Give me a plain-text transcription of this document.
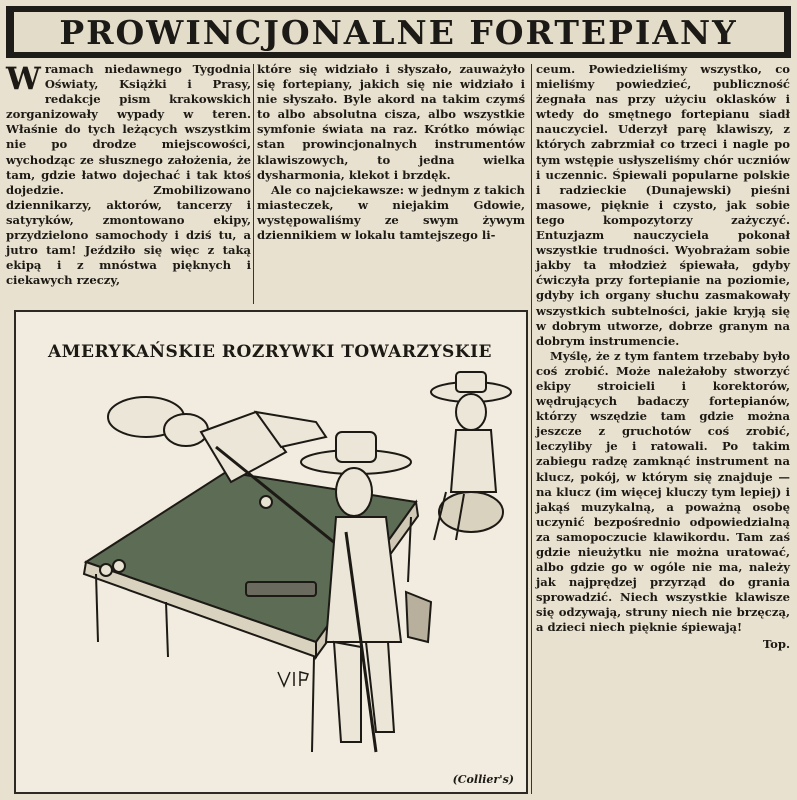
PROWINCJONALNE FORTEPIANY

Wramach niedawnego Tygodnia Oświaty, Książki i Prasy, redakcje pism krakowskich zorganizowały wypady w teren. Właśnie do tych leżących wszystkim nie po drodze miejscowości, wychodząc ze słusznego założenia, że tam, gdzie łatwo dojechać i tak ktoś dojedzie. Zmobilizowano dziennikarzy, aktorów, tancerzy i satyryków, zmontowano ekipy, przydzielono samochody i dziś tu, a jutro tam! Jeździło się więc z taką ekipą i z mnóstwa pięknych i ciekawych rzeczy,

które się widziało i słyszało, zauważyło się fortepiany, jakich się nie widziało i nie słyszało. Byle akord na takim czymś to albo absolutna cisza, albo wszystkie symfonie świata na raz. Krótko mówiąc stan prowincjonalnych instrumentów klawiszowych, to jedna wielka dysharmonia, klekot i brzdęk.

Ale co najciekawsze: w jednym z takich miasteczek, w niejakim Gdowie, występowaliśmy ze swym żywym dziennikiem w lokalu tamtejszego li-

ceum. Powiedzieliśmy wszystko, co mieliśmy powiedzieć, publiczność żegnała nas przy użyciu oklasków i wtedy do smętnego fortepianu siadł nauczyciel. Uderzył parę klawiszy, z których zabrzmiał co trzeci i nagle po tym wstępie usłyszeliśmy chór uczniów i uczennic. Śpiewali popularne polskie i radzieckie (Dunajewski) pieśni masowe, pięknie i czysto, jak sobie tego kompozytorzy zażyczyć. Entuzjazm nauczyciela pokonał wszystkie trudności. Wyobrażam sobie jakby ta młodzież śpiewała, gdyby ćwiczyła przy fortepianie na poziomie, gdyby ich organy słuchu zasmakowały wszystkich subtelności, jakie kryją się w dobrym utworze, dobrze granym na dobrym instrumencie.

Myślę, że z tym fantem trzebaby było coś zrobić. Może należałoby stworzyć ekipy stroicieli i korektorów, wędrujących badaczy fortepianów, którzy wszędzie tam gdzie można jeszcze z gruchotów coś zrobić, leczyliby je i ratowali. Po takim zabiegu radzę zamknąć instrument na klucz, pokój, w którym się znajduje — na klucz (im więcej kluczy tym lepiej) i jakąś muzykalną, a poważną osobę uczynić bezpośrednio odpowiedzialną za samopoczucie klawikordu. Tam zaś gdzie nieużytku nie można uratować, albo gdzie go w ogóle nie ma, należy jak najprędzej przyrząd do grania sprowadzić. Niech wszystkie klawisze się odzywają, struny niech nie brzęczą, a dzieci niech pięknie śpiewają!

Top.
AMERYKAŃSKIE ROZRYWKI TOWARZYSKIE
(Collier's)
